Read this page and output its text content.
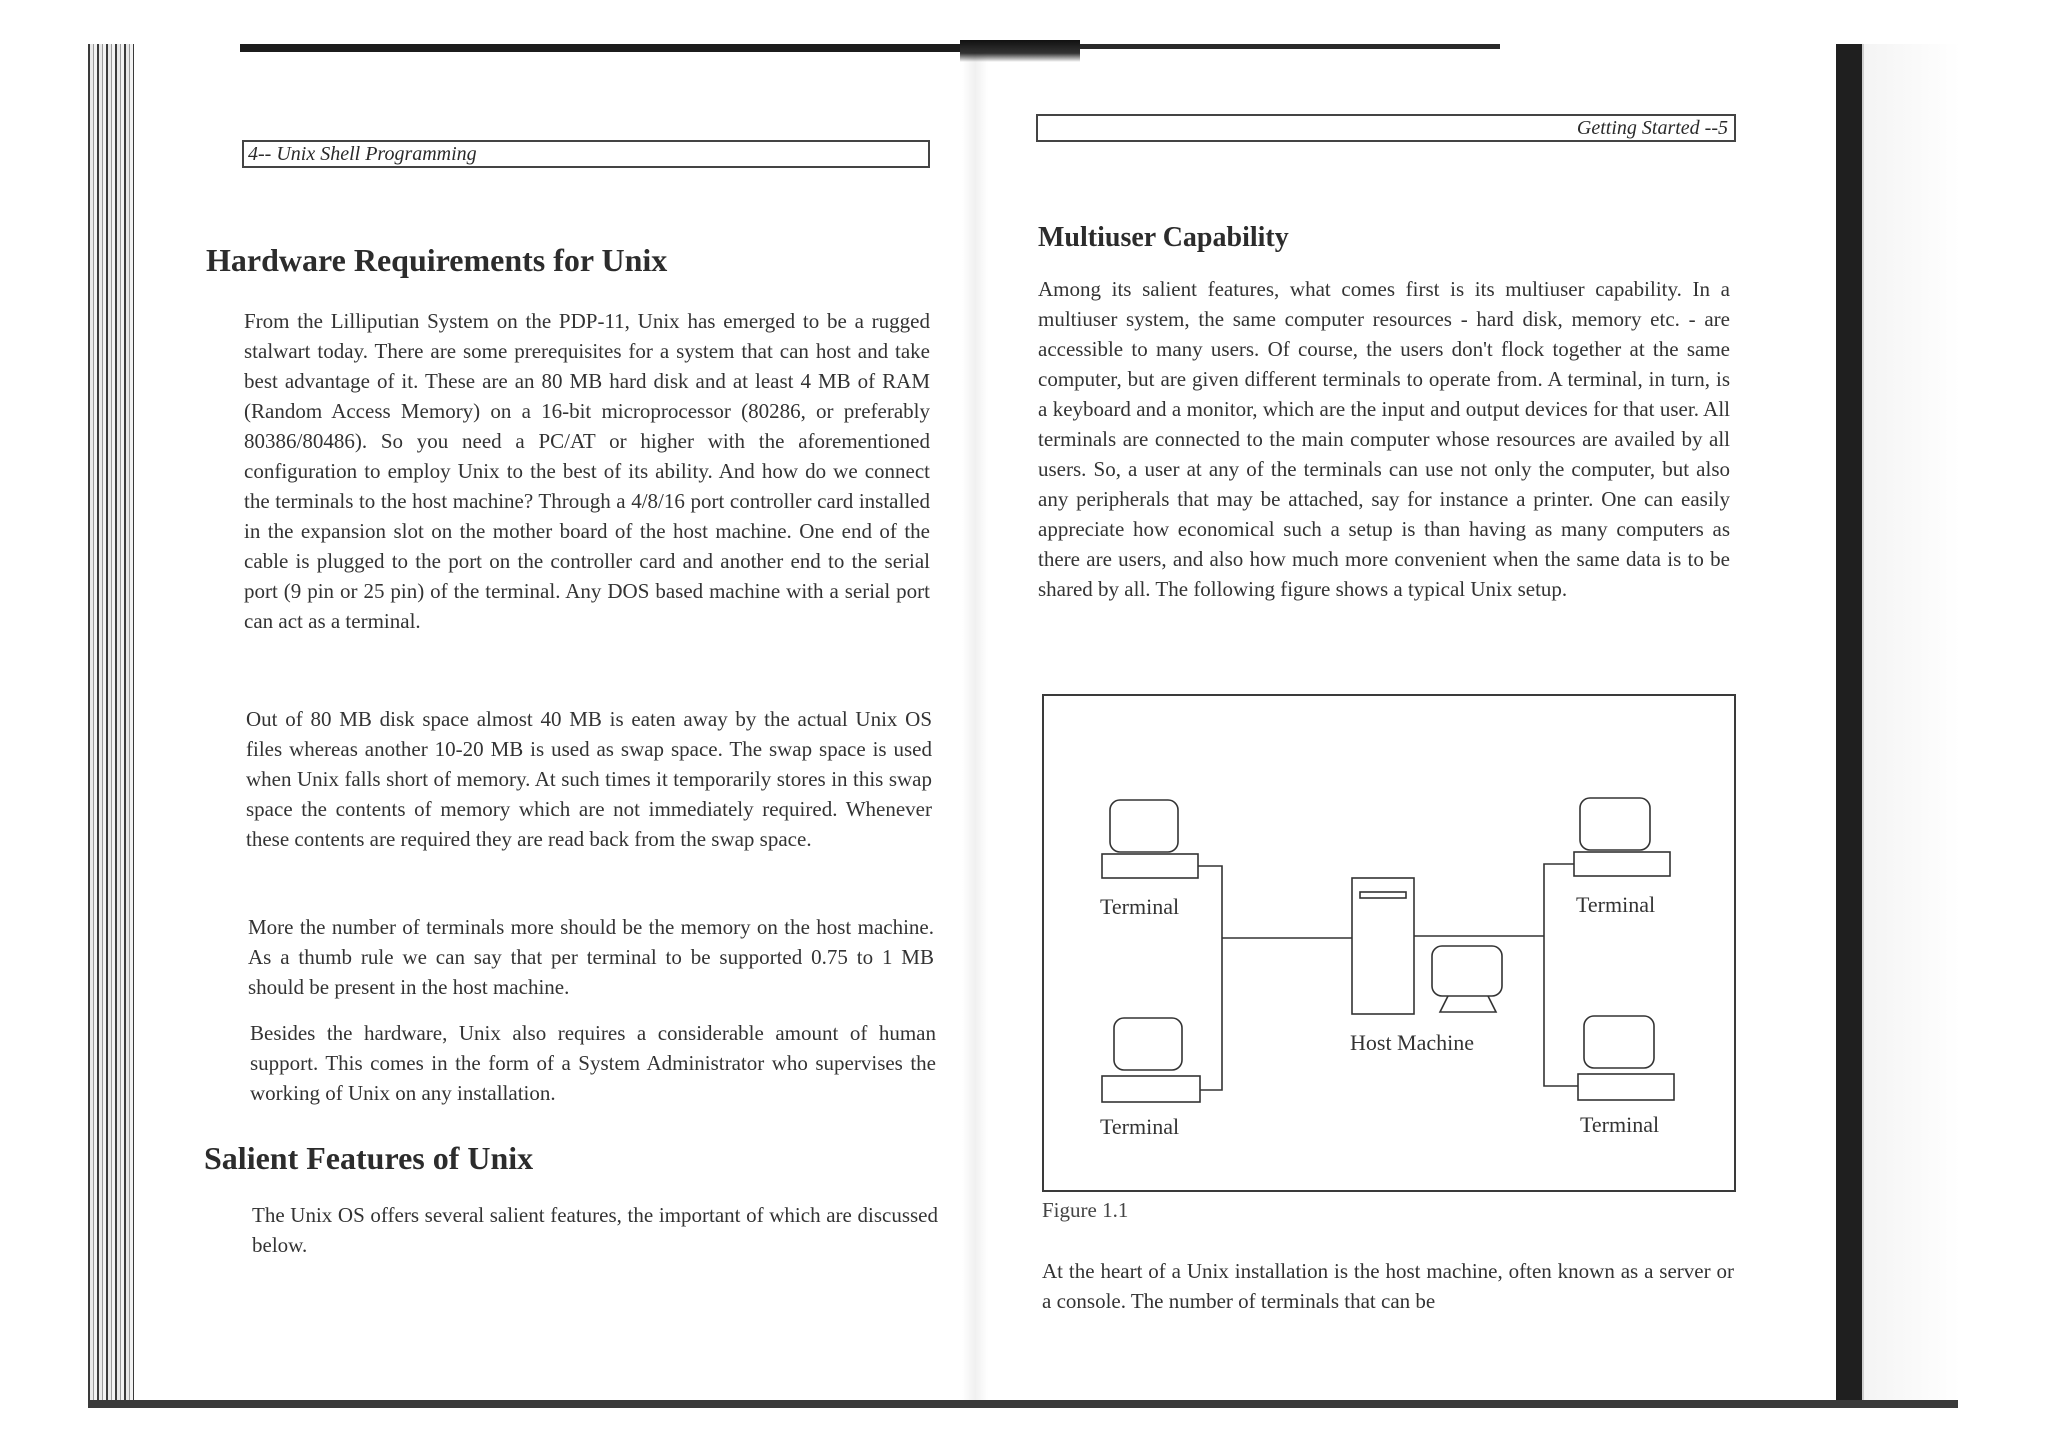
4-- Unix Shell Programming
Hardware Requirements for Unix

From the Lilliputian System on the PDP-11, Unix has emerged to be a rugged stalwart today. There are some prerequisites for a system that can host and take best advantage of it. These are an 80 MB hard disk and at least 4 MB of RAM (Random Access Memory) on a 16-bit microprocessor (80286, or preferably 80386/80486). So you need a PC/AT or higher with the aforementioned configuration to employ Unix to the best of its ability. And how do we connect the terminals to the host machine? Through a 4/8/16 port controller card installed in the expansion slot on the mother board of the host machine. One end of the cable is plugged to the port on the controller card and another end to the serial port (9 pin or 25 pin) of the terminal. Any DOS based machine with a serial port can act as a terminal.

Out of 80 MB disk space almost 40 MB is eaten away by the actual Unix OS files whereas another 10-20 MB is used as swap space. The swap space is used when Unix falls short of memory. At such times it temporarily stores in this swap space the contents of memory which are not immediately required. Whenever these contents are required they are read back from the swap space.

More the number of terminals more should be the memory on the host machine. As a thumb rule we can say that per terminal to be supported 0.75 to 1 MB should be present in the host machine.

Besides the hardware, Unix also requires a considerable amount of human support. This comes in the form of a System Administrator who supervises the working of Unix on any installation.

Salient Features of Unix

The Unix OS offers several salient features, the important of which are discussed below.

Getting Started --5
Multiuser Capability

Among its salient features, what comes first is its multiuser capability. In a multiuser system, the same computer resources - hard disk, memory etc. - are accessible to many users. Of course, the users don't flock together at the same computer, but are given different terminals to operate from. A terminal, in turn, is a keyboard and a monitor, which are the input and output devices for that user. All terminals are connected to the main computer whose resources are availed by all users. So, a user at any of the terminals can use not only the computer, but also any peripherals that may be attached, say for instance a printer. One can easily appreciate how economical such a setup is than having as many computers as there are users, and also how much more convenient when the same data is to be shared by all. The following figure shows a typical Unix setup.

Terminal	Terminal
Terminal	Terminal
Host Machine
Figure 1.1

At the heart of a Unix installation is the host machine, often known as a server or a console. The number of terminals that can be
